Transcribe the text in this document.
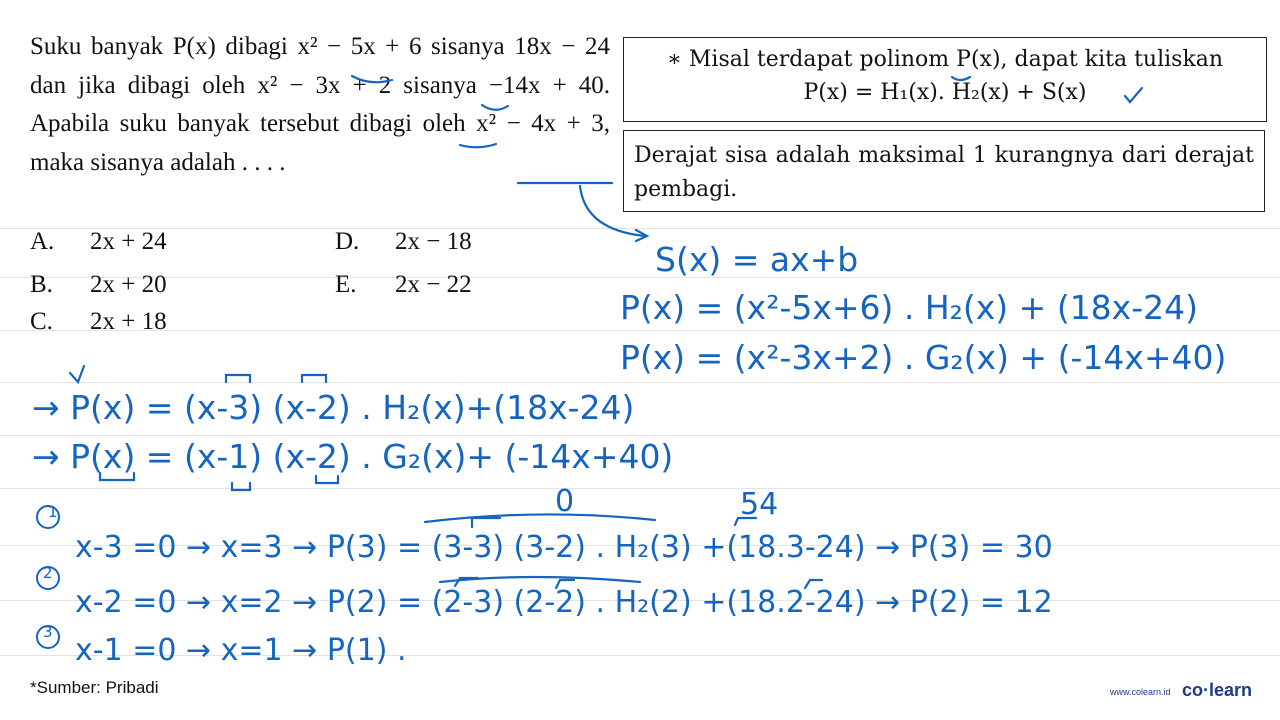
Suku banyak P(x) dibagi x² − 5x + 6 sisanya 18x − 24 dan jika dibagi oleh x² − 3x + 2 sisanya −14x + 40. Apabila suku banyak tersebut dibagi oleh x² − 4x + 3, maka sisanya adalah . . . .

A. 2x + 24
B. 2x + 20
C. 2x + 18
D. 2x − 18
E. 2x − 22
∗ Misal terdapat polinom P(x), dapat kita tuliskan
P(x) = H₁(x). H₂(x) + S(x)
Derajat sisa adalah maksimal 1 kurangnya dari derajat pembagi.
1
2
3
S(x) = ax+b
P(x) = (x²-5x+6) . H₂(x) + (18x-24)
P(x) = (x²-3x+2) . G₂(x) + (-14x+40)
→ P(x) = (x-3) (x-2) . H₂(x)+(18x-24)
→ P(x) = (x-1) (x-2) . G₂(x)+ (-14x+40)
0	54
x-3 =0 → x=3 → P(3) = (3-3) (3-2) . H₂(3) +(18.3-24) → P(3) = 30
x-2 =0 → x=2 → P(2) = (2-3) (2-2) . H₂(2) +(18.2-24) → P(2) = 12
x-1 =0 → x=1 → P(1) .
*Sumber: Pribadi	www.colearn.id co·learn
